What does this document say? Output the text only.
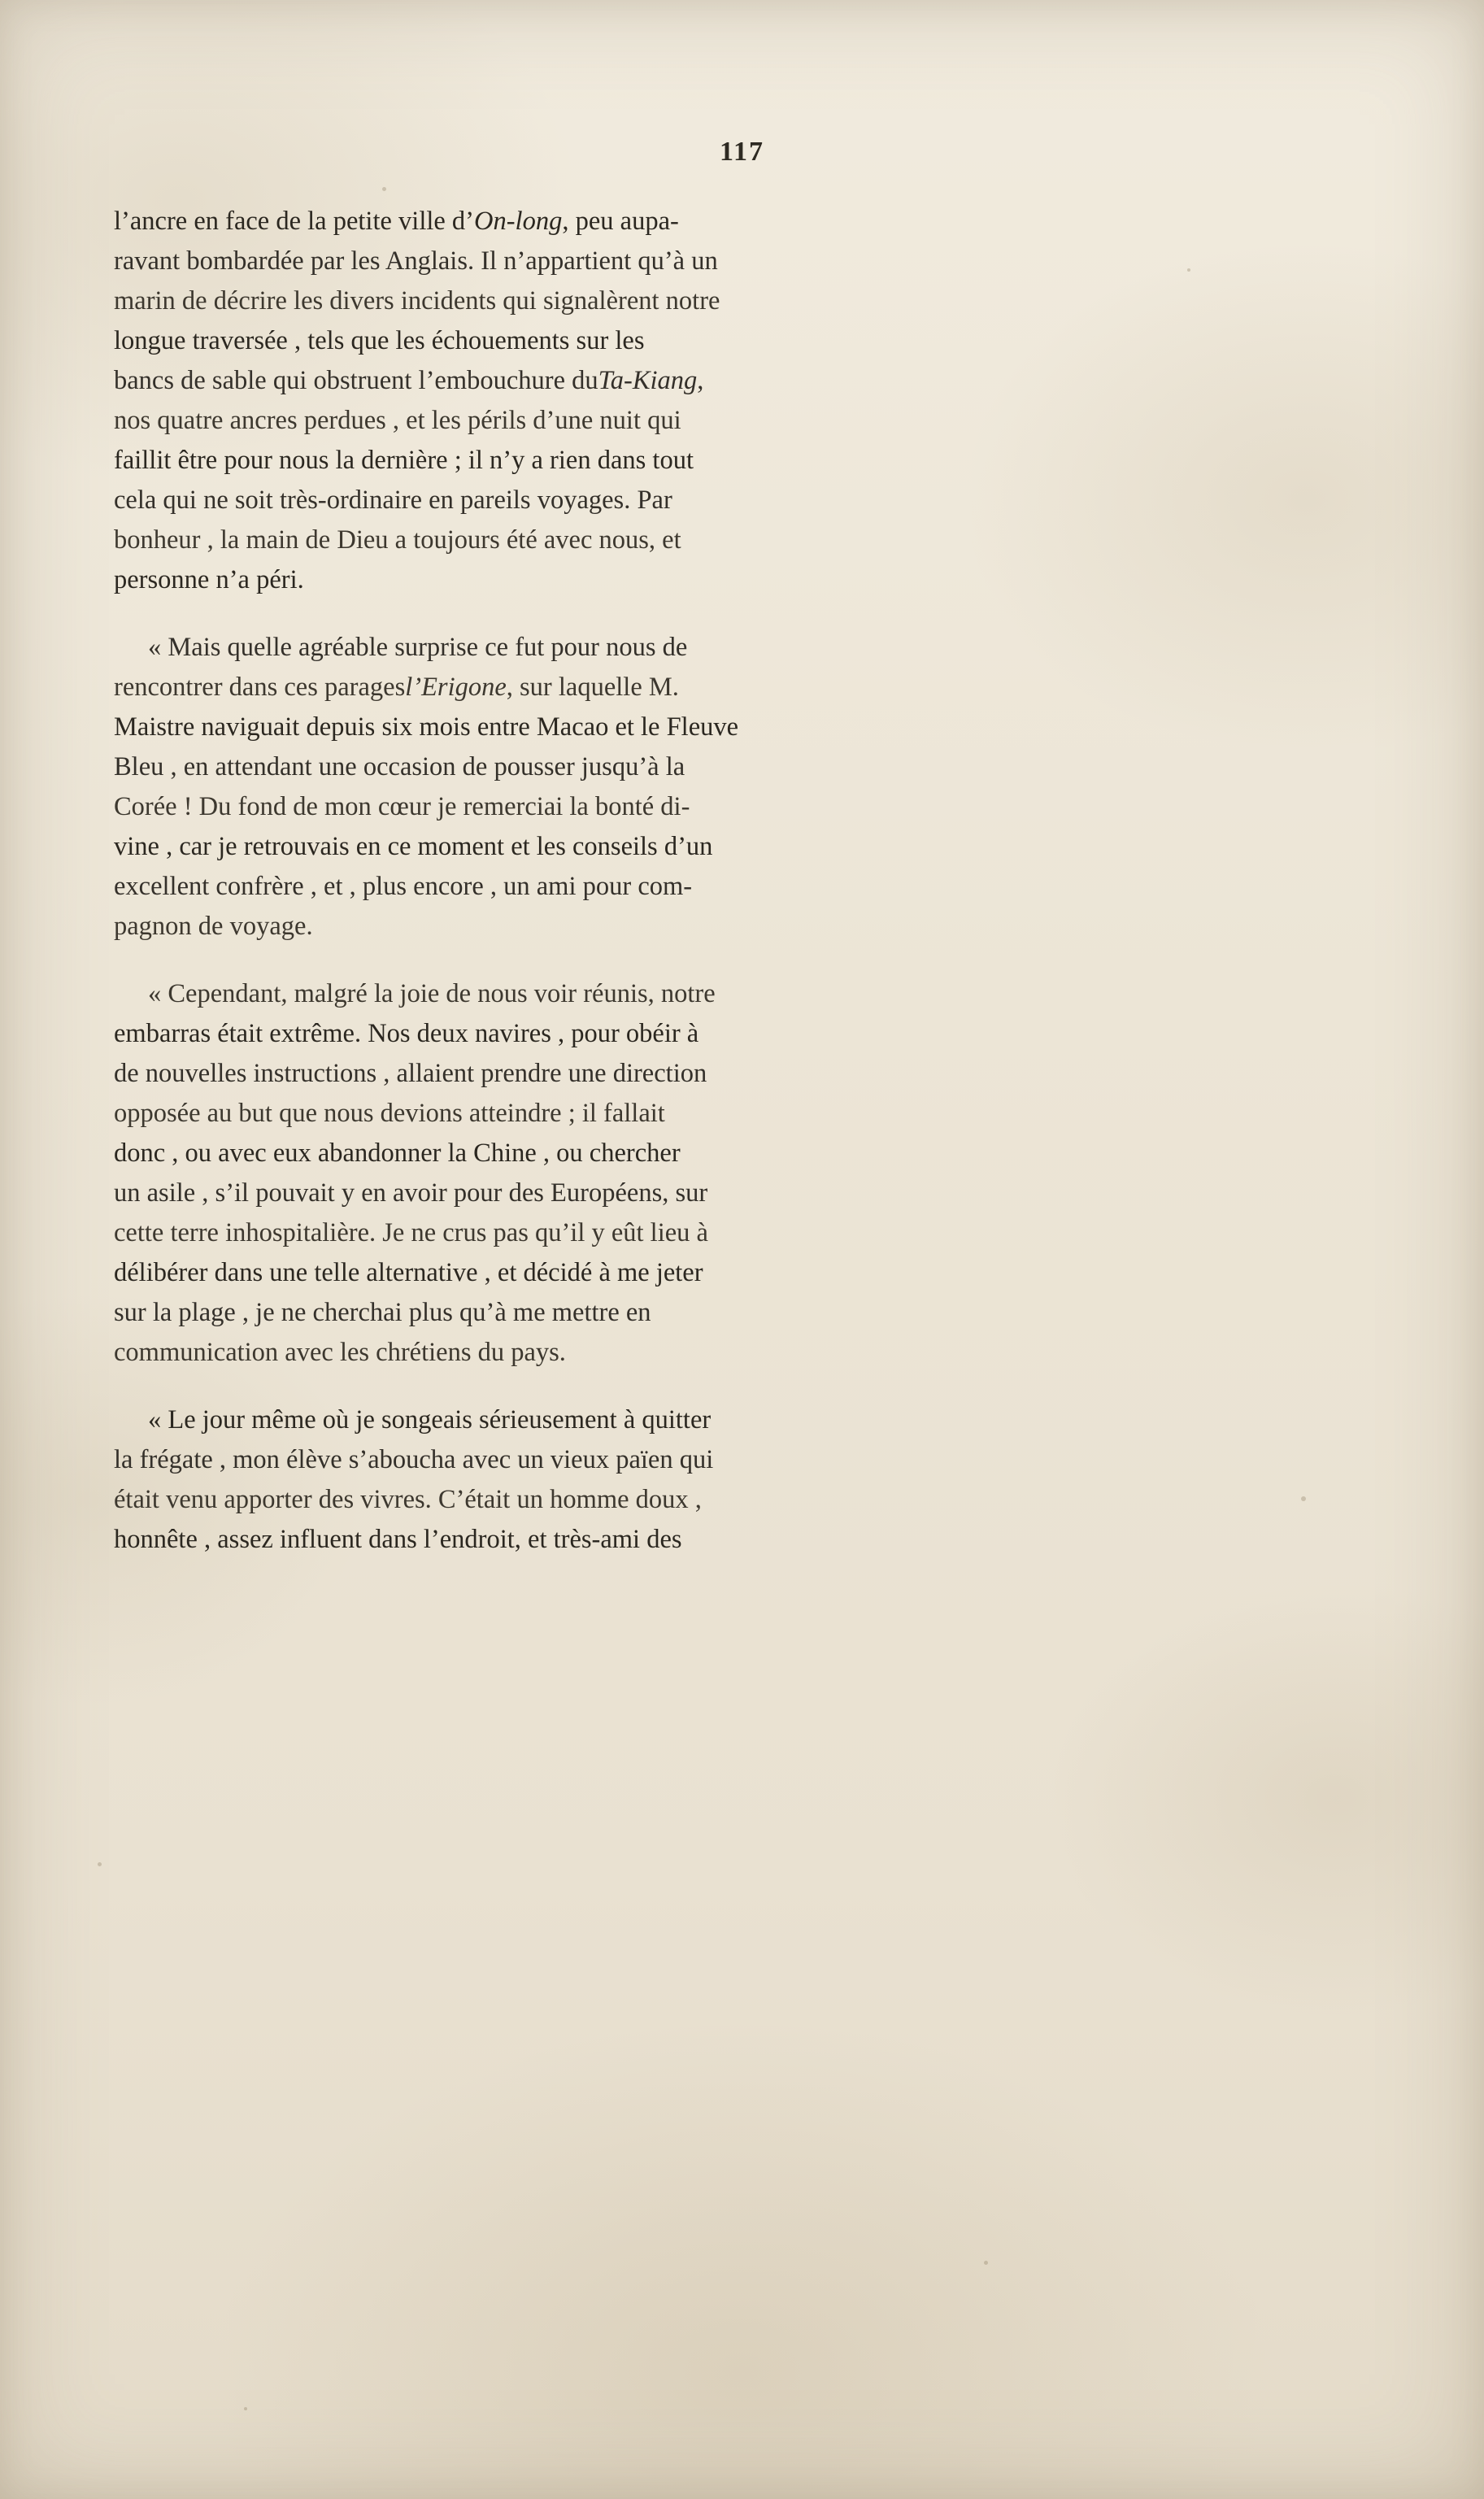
117

l’ancre en face de la petite ville d’On-long, peu aupa-
ravant bombardée par les Anglais. Il n’appartient qu’à un
marin de décrire les divers incidents qui signalèrent notre
longue traversée , tels que les échouements sur les
bancs de sable qui obstruent l’embouchure duTa-Kiang,
nos quatre ancres perdues , et les périls d’une nuit qui
faillit être pour nous la dernière ; il n’y a rien dans tout
cela qui ne soit très-ordinaire en pareils voyages. Par
bonheur , la main de Dieu a toujours été avec nous, et
personne n’a péri.

« Mais quelle agréable surprise ce fut pour nous de
rencontrer dans ces paragesl’Erigone, sur laquelle M.
Maistre naviguait depuis six mois entre Macao et le Fleuve
Bleu , en attendant une occasion de pousser jusqu’à la
Corée ! Du fond de mon cœur je remerciai la bonté di-
vine , car je retrouvais en ce moment et les conseils d’un
excellent confrère , et , plus encore , un ami pour com-
pagnon de voyage.

« Cependant, malgré la joie de nous voir réunis, notre
embarras était extrême. Nos deux navires , pour obéir à
de nouvelles instructions , allaient prendre une direction
opposée au but que nous devions atteindre ; il fallait
donc , ou avec eux abandonner la Chine , ou chercher
un asile , s’il pouvait y en avoir pour des Européens, sur
cette terre inhospitalière. Je ne crus pas qu’il y eût lieu à
délibérer dans une telle alternative , et décidé à me jeter
sur la plage , je ne cherchai plus qu’à me mettre en
communication avec les chrétiens du pays.

« Le jour même où je songeais sérieusement à quitter
la frégate , mon élève s’aboucha avec un vieux païen qui
était venu apporter des vivres. C’était un homme doux ,
honnête , assez influent dans l’endroit, et très-ami des
